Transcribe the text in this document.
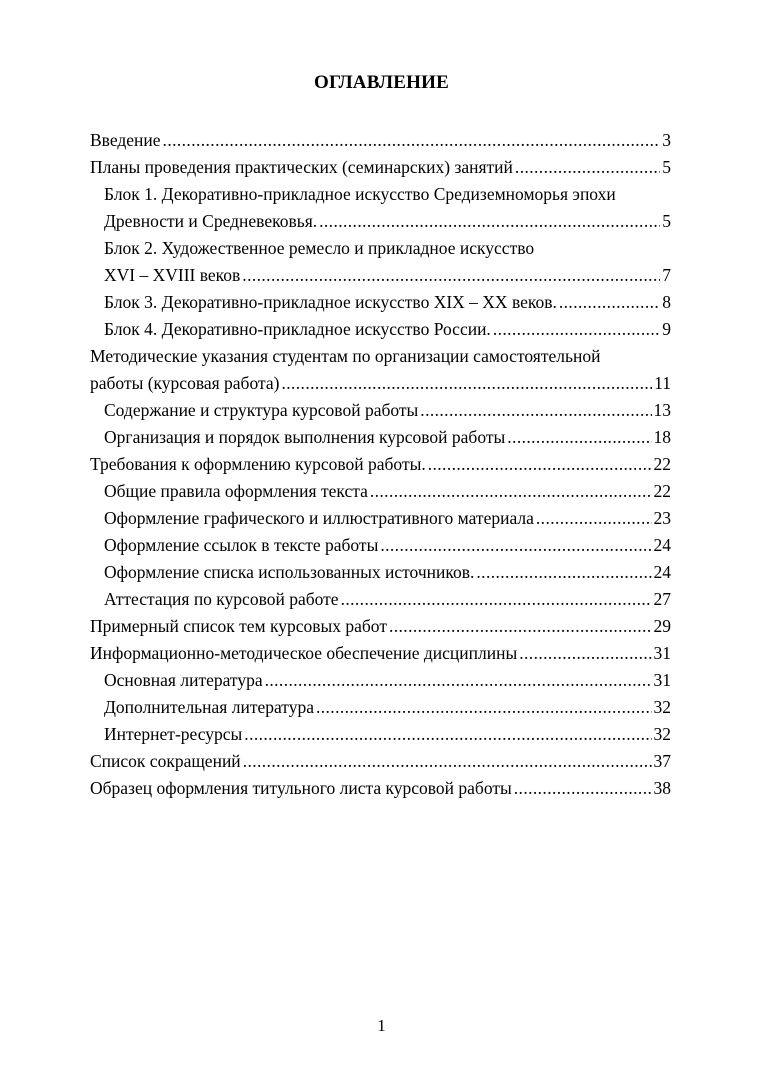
ОГЛАВЛЕНИЕ
Введение .....	3
Планы проведения практических (семинарских) занятий .....	5
Блок 1. Декоративно-прикладное искусство Средиземноморья эпохи
Древности и Средневековья. .....	5
Блок 2. Художественное ремесло и прикладное искусство
XVI – XVIII веков .....	7
Блок 3. Декоративно-прикладное искусство XIX – XX веков. .....	8
Блок 4. Декоративно-прикладное искусство России. .....	9
Методические указания студентам по организации самостоятельной
работы (курсовая работа) .....	11
Содержание и структура курсовой работы .....	13
Организация и порядок выполнения курсовой работы .....	18
Требования к оформлению курсовой работы. .....	22
Общие правила оформления текста .....	22
Оформление графического и иллюстративного материала .....	23
Оформление ссылок в тексте работы .....	24
Оформление списка использованных источников. .....	24
Аттестация по курсовой работе .....	27
Примерный список тем курсовых работ .....	29
Информационно-методическое обеспечение дисциплины .....	31
Основная литература .....	31
Дополнительная литература .....	32
Интернет-ресурсы .....	32
Список сокращений .....	37
Образец оформления титульного листа курсовой работы .....	38
1
